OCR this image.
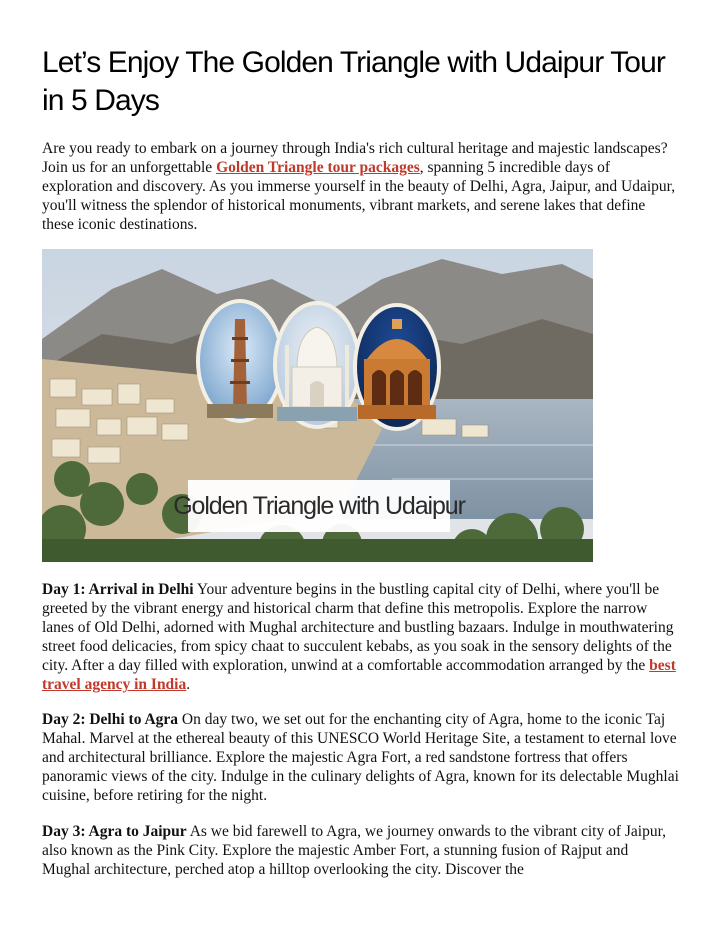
Let’s Enjoy The Golden Triangle with Udaipur Tour in 5 Days

Are you ready to embark on a journey through India's rich cultural heritage and majestic landscapes? Join us for an unforgettable Golden Triangle tour packages, spanning 5 incredible days of exploration and discovery. As you immerse yourself in the beauty of Delhi, Agra, Jaipur, and Udaipur, you'll witness the splendor of historical monuments, vibrant markets, and serene lakes that define these iconic destinations.

Golden Triangle with Udaipur

Day 1: Arrival in Delhi Your adventure begins in the bustling capital city of Delhi, where you'll be greeted by the vibrant energy and historical charm that define this metropolis. Explore the narrow lanes of Old Delhi, adorned with Mughal architecture and bustling bazaars. Indulge in mouthwatering street food delicacies, from spicy chaat to succulent kebabs, as you soak in the sensory delights of the city. After a day filled with exploration, unwind at a comfortable accommodation arranged by the best travel agency in India.

Day 2: Delhi to Agra On day two, we set out for the enchanting city of Agra, home to the iconic Taj Mahal. Marvel at the ethereal beauty of this UNESCO World Heritage Site, a testament to eternal love and architectural brilliance. Explore the majestic Agra Fort, a red sandstone fortress that offers panoramic views of the city. Indulge in the culinary delights of Agra, known for its delectable Mughlai cuisine, before retiring for the night.

Day 3: Agra to Jaipur As we bid farewell to Agra, we journey onwards to the vibrant city of Jaipur, also known as the Pink City. Explore the majestic Amber Fort, a stunning fusion of Rajput and Mughal architecture, perched atop a hilltop overlooking the city. Discover the
